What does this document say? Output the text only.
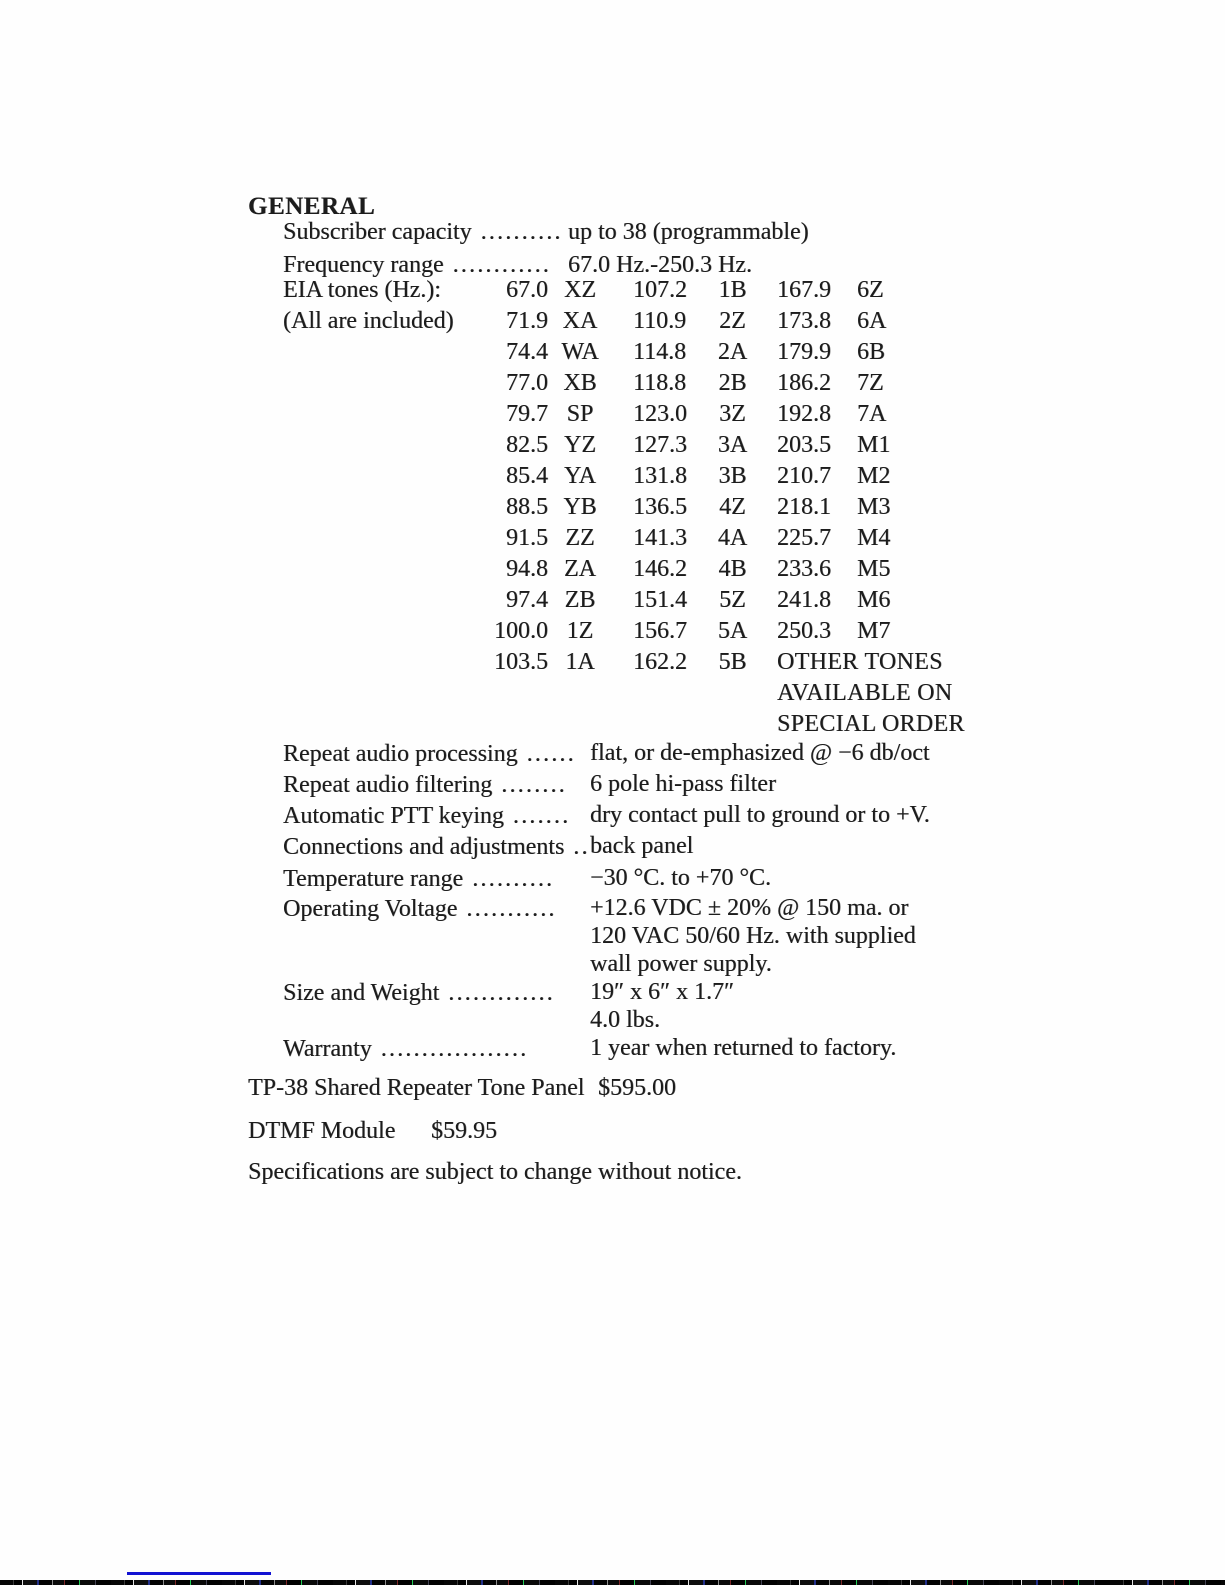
GENERAL
Subscriber capacity .......... up to 38 (programmable)
Frequency range ............ 67.0 Hz.-250.3 Hz.
EIA tones (Hz.):	67.0 XZ	107.2	1B	167.9	6Z
(All are included)	71.9 XA	110.9	2Z	173.8	6A
74.4 WA	114.8	2A	179.9	6B
77.0 XB	118.8	2B	186.2	7Z
79.7 SP	123.0	3Z	192.8	7A
82.5 YZ	127.3	3A	203.5	M1
85.4 YA	131.8	3B	210.7	M2
88.5 YB	136.5	4Z	218.1	M3
91.5 ZZ	141.3	4A	225.7	M4
94.8 ZA	146.2	4B	233.6	M5
97.4 ZB	151.4	5Z	241.8	M6
100.0 1Z	156.7	5A	250.3	M7
103.5 1A	162.2	5B	OTHER TONES
AVAILABLE ON
SPECIAL ORDER
Repeat audio processing ...... flat, or de-emphasized @ −6 db/oct
Repeat audio filtering ........ 6 pole hi-pass filter
Automatic PTT keying ....... dry contact pull to ground or to +V.
Connections and adjustments .. back panel
Temperature range .......... −30 °C. to +70 °C.
Operating Voltage ........... +12.6 VDC ± 20% @ 150 ma. or
120 VAC 50/60 Hz. with supplied
wall power supply.
Size and Weight ............. 19″ x 6″ x 1.7″
4.0 lbs.
Warranty ..................	1 year when returned to factory.
TP-38 Shared Repeater Tone Panel $595.00
DTMF Module $59.95
Specifications are subject to change without notice.
